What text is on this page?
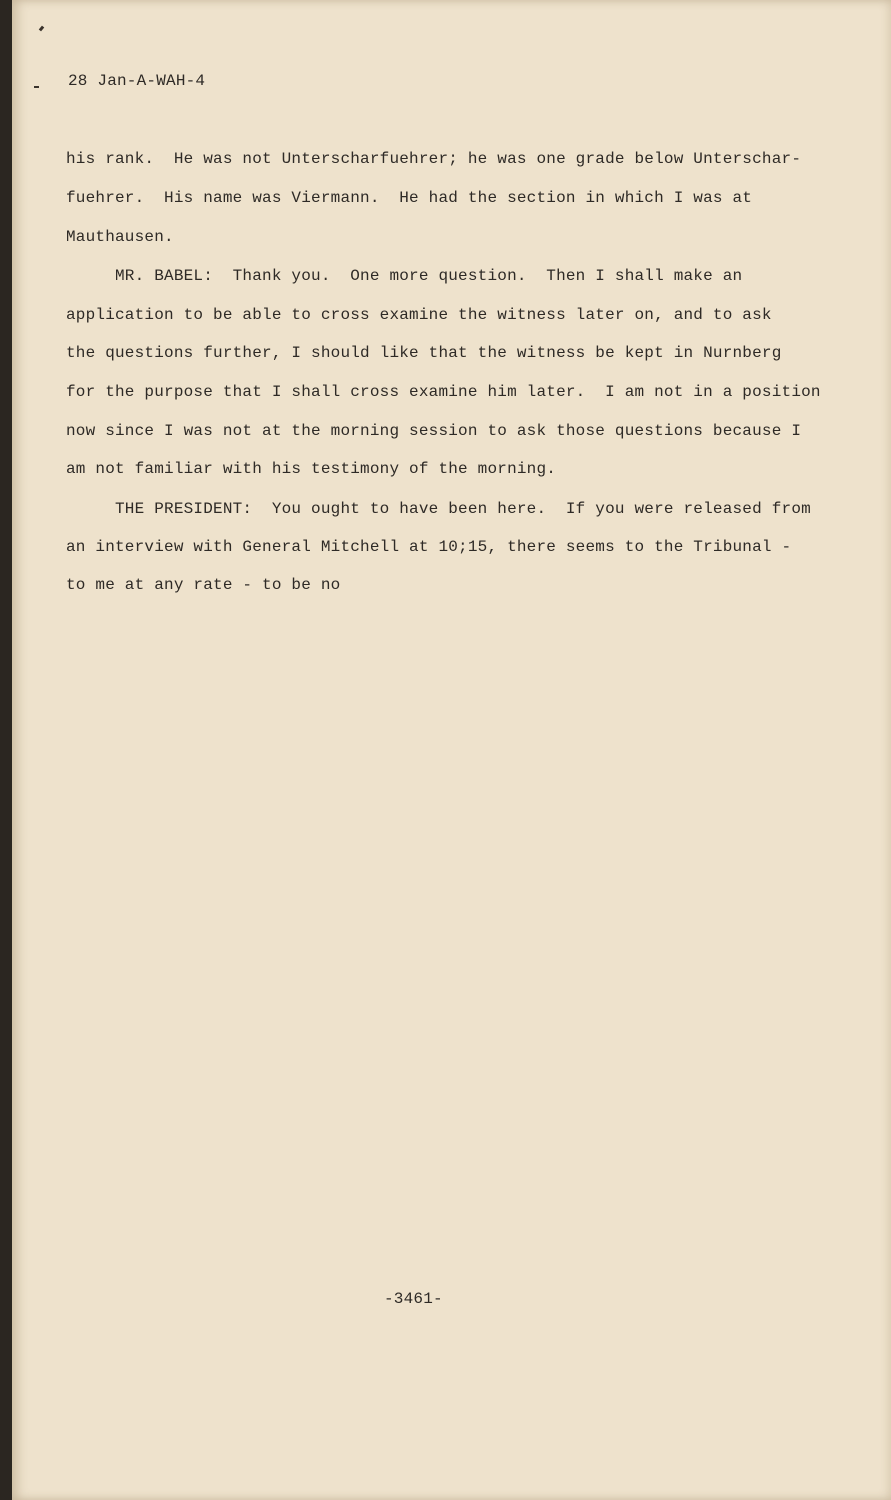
28 Jan-A-WAH-4
his rank.  He was not Unterscharfuehrer; he was one grade below Unterschar-
fuehrer.  His name was Viermann.  He had the section in which I was at
Mauthausen.
MR. BABEL:  Thank you.  One more question.  Then I shall make an
application to be able to cross examine the witness later on, and to ask
the questions further, I should like that the witness be kept in Nurnberg
for the purpose that I shall cross examine him later.  I am not in a position
now since I was not at the morning session to ask those questions because I
am not familiar with his testimony of the morning.
THE PRESIDENT:  You ought to have been here.  If you were released from
an interview with General Mitchell at 10;15, there seems to the Tribunal -
to me at any rate - to be no
-3461-
